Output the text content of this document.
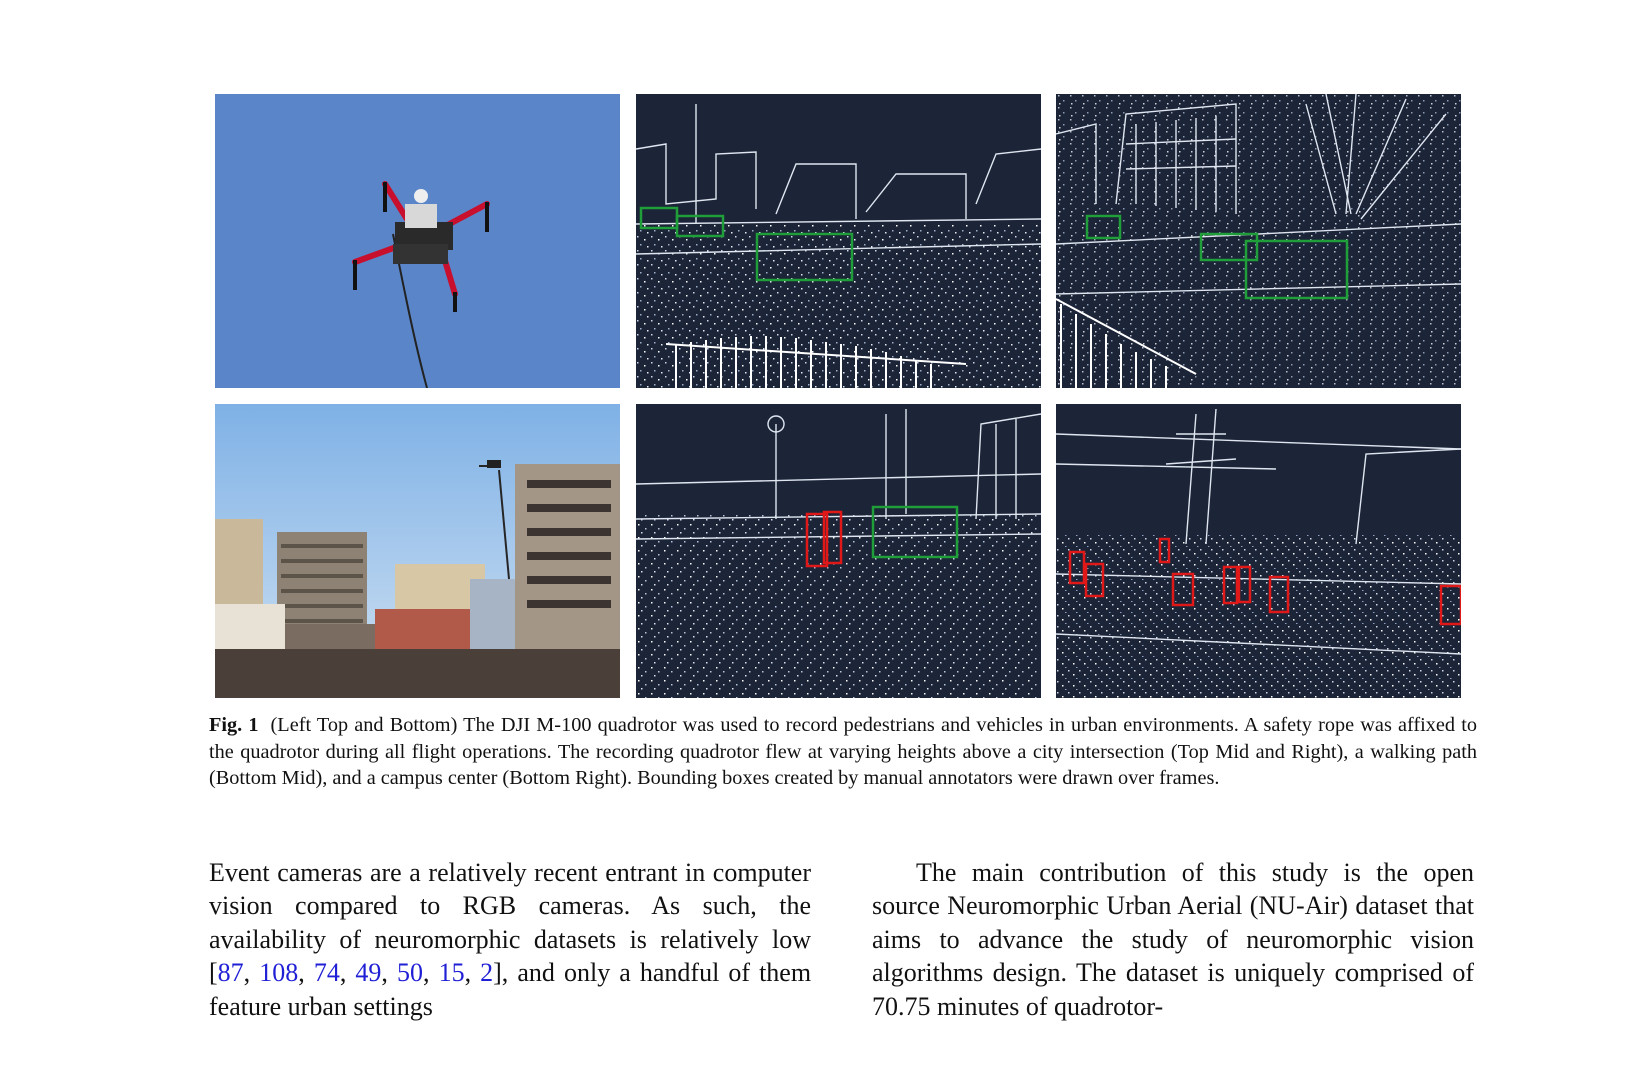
Fig. 1 (Left Top and Bottom) The DJI M-100 quadrotor was used to record pedestrians and vehicles in urban environments. A safety rope was affixed to the quadrotor during all flight operations. The recording quadrotor flew at varying heights above a city intersection (Top Mid and Right), a walking path (Bottom Mid), and a campus center (Bottom Right). Bounding boxes created by manual annotators were drawn over frames.
Event cameras are a relatively recent entrant in computer vision compared to RGB cameras. As such, the availability of neuromorphic datasets is relatively low [87, 108, 74, 49, 50, 15, 2], and only a handful of them feature urban settings
The main contribution of this study is the open source Neuromorphic Urban Aerial (NU-Air) dataset that aims to advance the study of neuromorphic vision algorithms design. The dataset is uniquely comprised of 70.75 minutes of quadrotor-
